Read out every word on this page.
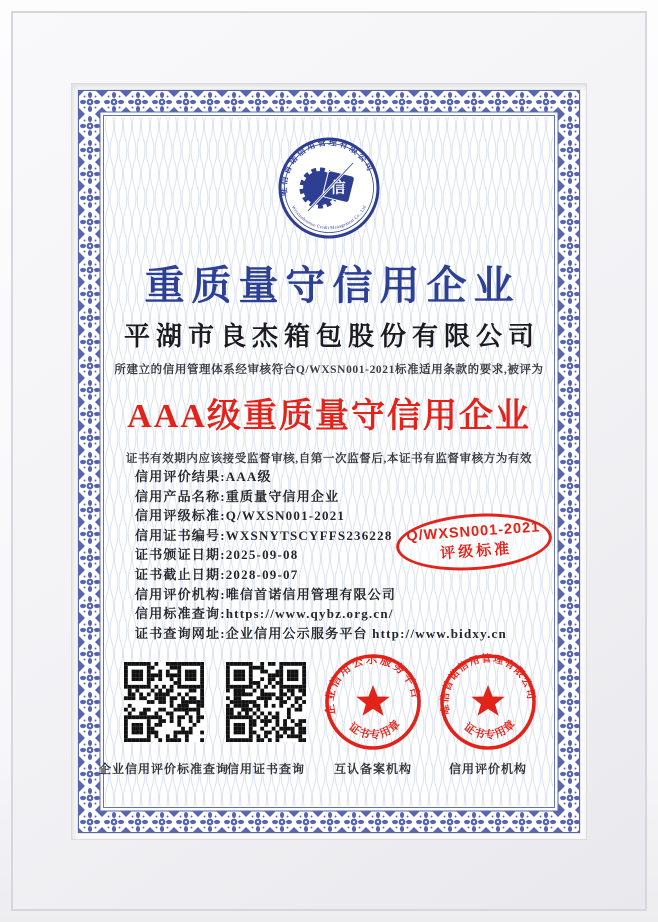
唯信首诺信用管理有限公司
Weixinshounuo Credit Management Co., Ltd
信
重质量守信用企业
平湖市良杰箱包股份有限公司
所建立的信用管理体系经审核符合Q/WXSN001-2021标准适用条款的要求,被评为
AAA级重质量守信用企业
证书有效期内应该接受监督审核,自第一次监督后,本证书有监督审核方为有效
信用评价结果:AAA级
信用产品名称:重质量守信用企业
信用评级标准:Q/WXSN001-2021
信用证书编号:WXSNYTSCYFFS236228
证书颁证日期:2025-09-08
证书截止日期:2028-09-07
信用评价机构:唯信首诺信用管理有限公司
信用标准查询:https://www.qybz.org.cn/
证书查询网址:企业信用公示服务平台 http://www.bidxy.cn
Q/WXSN001-2021
评级标准
企业信用评价标准查询
信用证书查询
企业信用公示服务平台
证书专用章
互认备案机构
唯信首诺信用管理有限公司
证书专用章
信用评价机构
